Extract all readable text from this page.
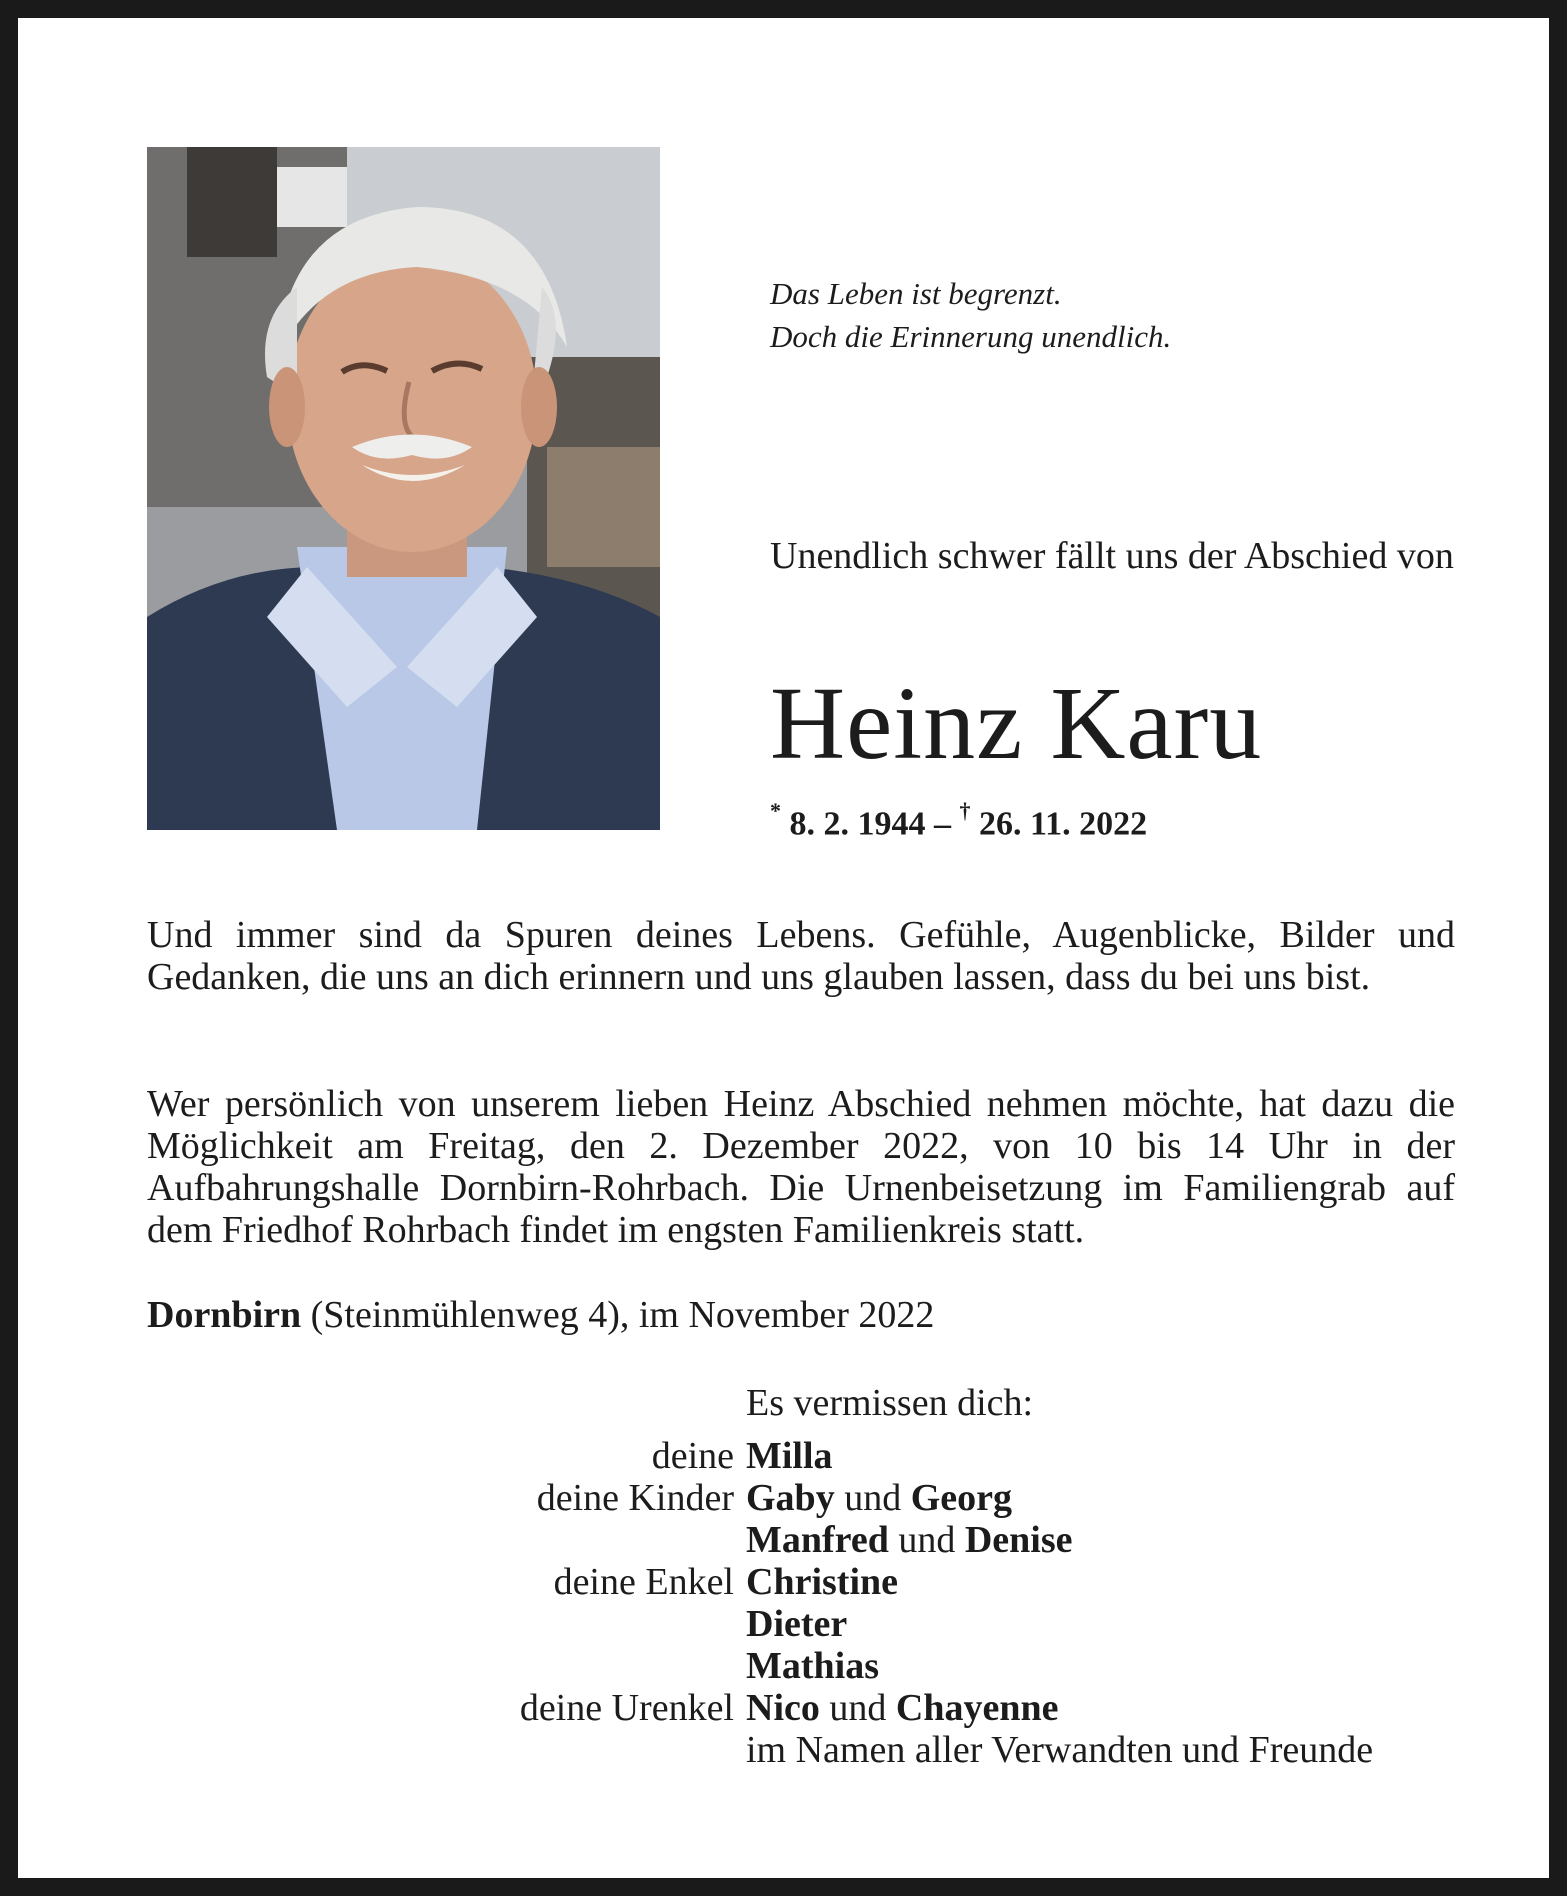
Das Leben ist begrenzt.
Doch die Erinnerung unendlich.
Unendlich schwer fällt uns der Abschied von
Heinz Karu
* 8. 2. 1944 – † 26. 11. 2022

Und immer sind da Spuren deines Lebens. Gefühle, Augenblicke, Bilder und Gedanken, die uns an dich erinnern und uns glauben lassen, dass du bei uns bist.

Wer persönlich von unserem lieben Heinz Abschied nehmen möchte, hat dazu die Möglichkeit am Freitag, den 2. Dezember 2022, von 10 bis 14 Uhr in der Aufbahrungshalle Dornbirn-Rohrbach. Die Urnenbeisetzung im Familiengrab auf dem Friedhof Rohrbach findet im engsten Familienkreis statt.

Dornbirn (Steinmühlenweg 4), im November 2022
Es vermissen dich:
deine Milla
deine Kinder Gaby und Georg
Manfred und Denise
deine Enkel Christine
Dieter
Mathias
deine Urenkel Nico und Chayenne
im Namen aller Verwandten und Freunde
